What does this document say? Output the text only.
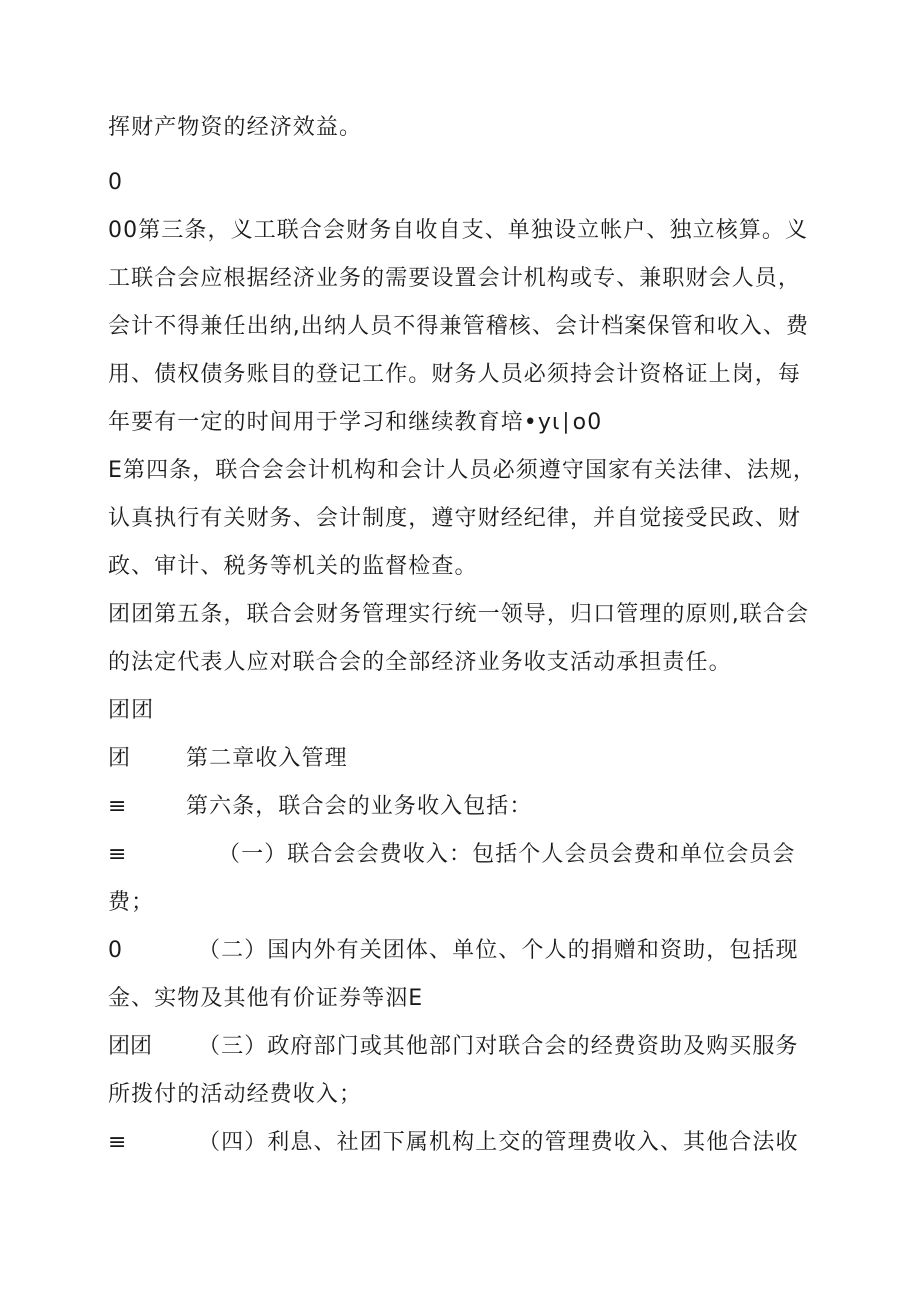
挥财产物资的经济效益。
0
00第三条，义工联合会财务自收自支、单独设立帐户、独立核算。义
工联合会应根据经济业务的需要设置会计机构或专、兼职财会人员，
会计不得兼任出纳,出纳人员不得兼管稽核、会计档案保管和收入、费
用、债权债务账目的登记工作。财务人员必须持会计资格证上岗，每
年要有一定的时间用于学习和继续教育培•yι∣o0
E第四条，联合会会计机构和会计人员必须遵守国家有关法律、法规，
认真执行有关财务、会计制度，遵守财经纪律，并自觉接受民政、财
政、审计、税务等机关的监督检查。
团团第五条，联合会财务管理实行统一领导，归口管理的原则,联合会
的法定代表人应对联合会的全部经济业务收支活动承担责任。
团团
团	第二章收入管理
≡	第六条，联合会的业务收入包括：
≡	（一）联合会会费收入：包括个人会员会费和单位会员会
费；
0	（二）国内外有关团体、单位、个人的捐赠和资助，包括现
金、实物及其他有价证券等泅E
团团 （三）政府部门或其他部门对联合会的经费资助及购买服务
所拨付的活动经费收入；
≡	（四）利息、社团下属机构上交的管理费收入、其他合法收
